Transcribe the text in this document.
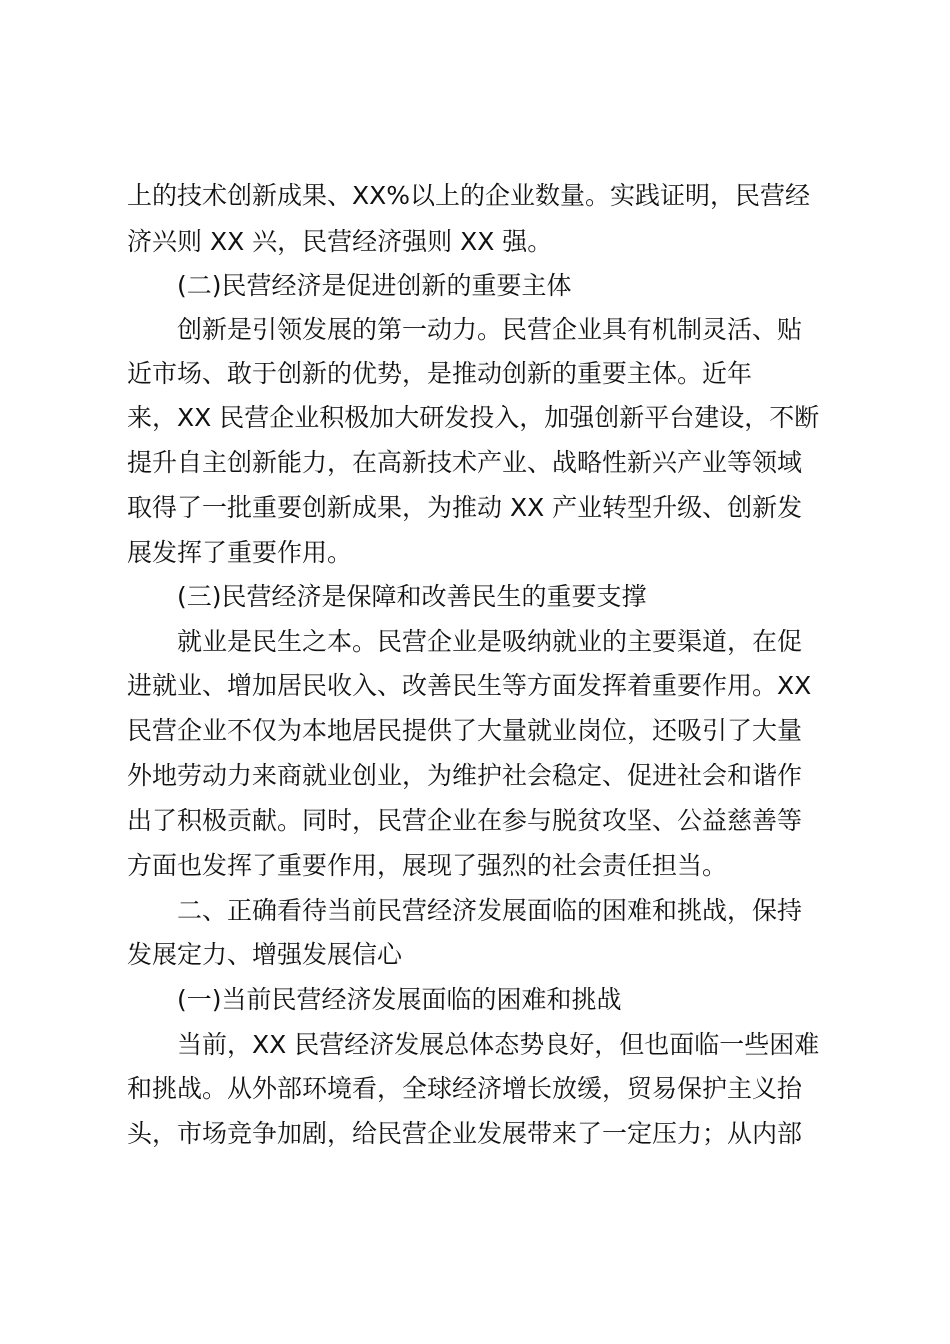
上的技术创新成果、XX%以上的企业数量。实践证明，民营经
济兴则 XX 兴，民营经济强则 XX 强。
(二)民营经济是促进创新的重要主体
创新是引领发展的第一动力。民营企业具有机制灵活、贴
近市场、敢于创新的优势，是推动创新的重要主体。近年
来，XX 民营企业积极加大研发投入，加强创新平台建设，不断
提升自主创新能力，在高新技术产业、战略性新兴产业等领域
取得了一批重要创新成果，为推动 XX 产业转型升级、创新发
展发挥了重要作用。
(三)民营经济是保障和改善民生的重要支撑
就业是民生之本。民营企业是吸纳就业的主要渠道，在促
进就业、增加居民收入、改善民生等方面发挥着重要作用。XX
民营企业不仅为本地居民提供了大量就业岗位，还吸引了大量
外地劳动力来商就业创业，为维护社会稳定、促进社会和谐作
出了积极贡献。同时，民营企业在参与脱贫攻坚、公益慈善等
方面也发挥了重要作用，展现了强烈的社会责任担当。
二、正确看待当前民营经济发展面临的困难和挑战，保持
发展定力、增强发展信心
(一)当前民营经济发展面临的困难和挑战
当前，XX 民营经济发展总体态势良好，但也面临一些困难
和挑战。从外部环境看，全球经济增长放缓，贸易保护主义抬
头，市场竞争加剧，给民营企业发展带来了一定压力；从内部
